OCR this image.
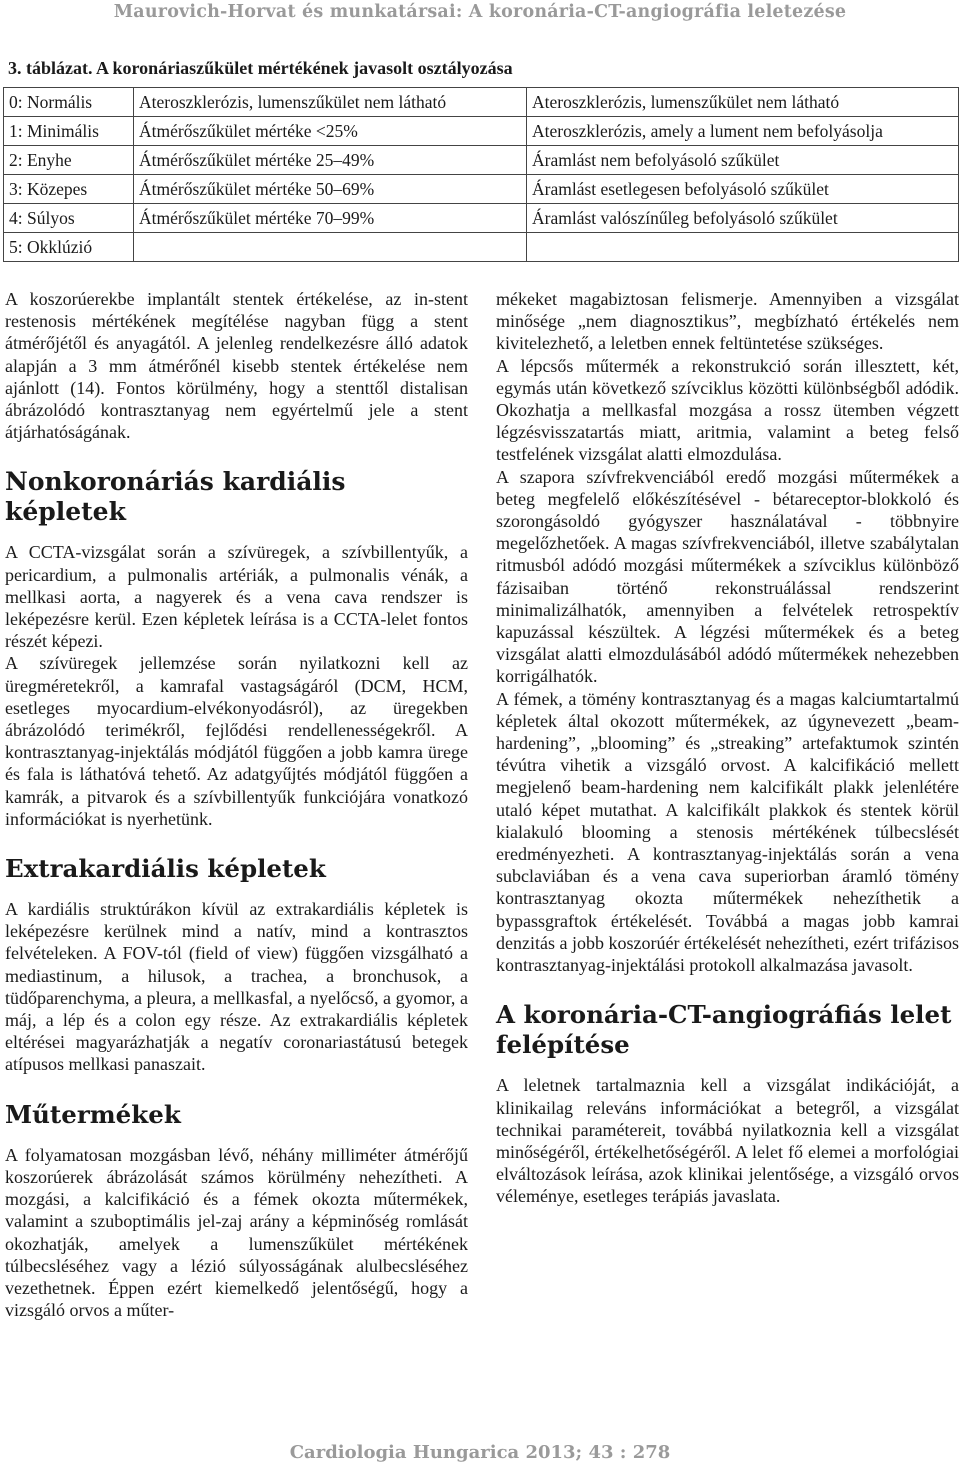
Maurovich-Horvat és munkatársai: A koronária-CT-angiográfia leletezése
3. táblázat. A koronáriaszűkület mértékének javasolt osztályozása
0: Normális	Ateroszklerózis, lumenszűkület nem látható	Ateroszklerózis, lumenszűkület nem látható
1: Minimális	Átmérőszűkület mértéke <25%	Ateroszklerózis, amely a lument nem befolyásolja
2: Enyhe	Átmérőszűkület mértéke 25–49%	Áramlást nem befolyásoló szűkület
3: Közepes	Átmérőszűkület mértéke 50–69%	Áramlást esetlegesen befolyásoló szűkület
4: Súlyos	Átmérőszűkület mértéke 70–99%	Áramlást valószínűleg befolyásoló szűkület
5: Okklúzió		

A koszorúerekbe implantált stentek értékelése, az in-stent restenosis mértékének megítélése nagyban függ a stent átmérőjétől és anyagától. A jelenleg rendelkezésre álló adatok alapján a 3 mm átmérőnél kisebb stentek értékelése nem ajánlott (14). Fontos körülmény, hogy a stenttől distalisan ábrázolódó kontrasztanyag nem egyértelmű jele a stent átjárhatóságának.

Nonkoronáriás kardiális képletek

A CCTA-vizsgálat során a szívüregek, a szívbillentyűk, a pericardium, a pulmonalis artériák, a pulmonalis vénák, a mellkasi aorta, a nagyerek és a vena cava rendszer is leképezésre kerül. Ezen képletek leírása is a CCTA-lelet fontos részét képezi.

A szívüregek jellemzése során nyilatkozni kell az üregméretekről, a kamrafal vastagságáról (DCM, HCM, esetleges myocardium-elvékonyodásról), az üregekben ábrázolódó terimékről, fejlődési rendellenességekről. A kontrasztanyag-injektálás módjától függően a jobb kamra ürege és fala is láthatóvá tehető. Az adatgyűjtés módjától függően a kamrák, a pitvarok és a szívbillentyűk funkciójára vonatkozó információkat is nyerhetünk.

Extrakardiális képletek

A kardiális struktúrákon kívül az extrakardiális képletek is leképezésre kerülnek mind a natív, mind a kontrasztos felvételeken. A FOV-tól (field of view) függően vizsgálható a mediastinum, a hilusok, a trachea, a bronchusok, a tüdőparenchyma, a pleura, a mellkasfal, a nyelőcső, a gyomor, a máj, a lép és a colon egy része. Az extrakardiális képletek eltérései magyarázhatják a negatív coronariastátusú betegek atípusos mellkasi panaszait.

Műtermékek

A folyamatosan mozgásban lévő, néhány milliméter átmérőjű koszorúerek ábrázolását számos körülmény nehezítheti. A mozgási, a kalcifikáció és a fémek okozta műtermékek, valamint a szuboptimális jel-zaj arány a képminőség romlását okozhatják, amelyek a lumenszűkület mértékének túlbecsléséhez vagy a lézió súlyosságának alulbecsléséhez vezethetnek. Éppen ezért kiemelkedő jelentőségű, hogy a vizsgáló orvos a műter-

mékeket magabiztosan felismerje. Amennyiben a vizsgálat minősége „nem diagnosztikus”, megbízható értékelés nem kivitelezhető, a leletben ennek feltüntetése szükséges.

A lépcsős műtermék a rekonstrukció során illesztett, két, egymás után következő szívciklus közötti különbségből adódik. Okozhatja a mellkasfal mozgása a rossz ütemben végzett légzésvisszatartás miatt, aritmia, valamint a beteg felső testfelének vizsgálat alatti elmozdulása.

A szapora szívfrekvenciából eredő mozgási műtermékek a beteg megfelelő előkészítésével - bétareceptor-blokkoló és szorongásoldó gyógyszer használatával - többnyire megelőzhetőek. A magas szívfrekvenciából, illetve szabálytalan ritmusból adódó mozgási műtermékek a szívciklus különböző fázisaiban történő rekonstruálással rendszerint minimalizálhatók, amennyiben a felvételek retrospektív kapuzással készültek. A légzési műtermékek és a beteg vizsgálat alatti elmozdulásából adódó műtermékek nehezebben korrigálhatók.

A fémek, a tömény kontrasztanyag és a magas kalciumtartalmú képletek által okozott műtermékek, az úgynevezett „beam-hardening”, „blooming” és „streaking” artefaktumok szintén tévútra vihetik a vizsgáló orvost. A kalcifikáció mellett megjelenő beam-hardening nem kalcifikált plakk jelenlétére utaló képet mutathat. A kalcifikált plakkok és stentek körül kialakuló blooming a stenosis mértékének túlbecslését eredményezheti. A kontrasztanyag-injektálás során a vena subclaviában és a vena cava superiorban áramló tömény kontrasztanyag okozta műtermékek nehezíthetik a bypassgraftok értékelését. Továbbá a magas jobb kamrai denzitás a jobb koszorúér értékelését nehezítheti, ezért trifázisos kontrasztanyag-injektálási protokoll alkalmazása javasolt.

A koronária-CT-angiográfiás lelet felépítése

A leletnek tartalmaznia kell a vizsgálat indikációját, a klinikailag releváns információkat a betegről, a vizsgálat technikai paramétereit, továbbá nyilatkoznia kell a vizsgálat minőségéről, értékelhetőségéről. A lelet fő elemei a morfológiai elváltozások leírása, azok klinikai jelentősége, a vizsgáló orvos véleménye, esetleges terápiás javaslata.

Cardiologia Hungarica 2013; 43 : 278
